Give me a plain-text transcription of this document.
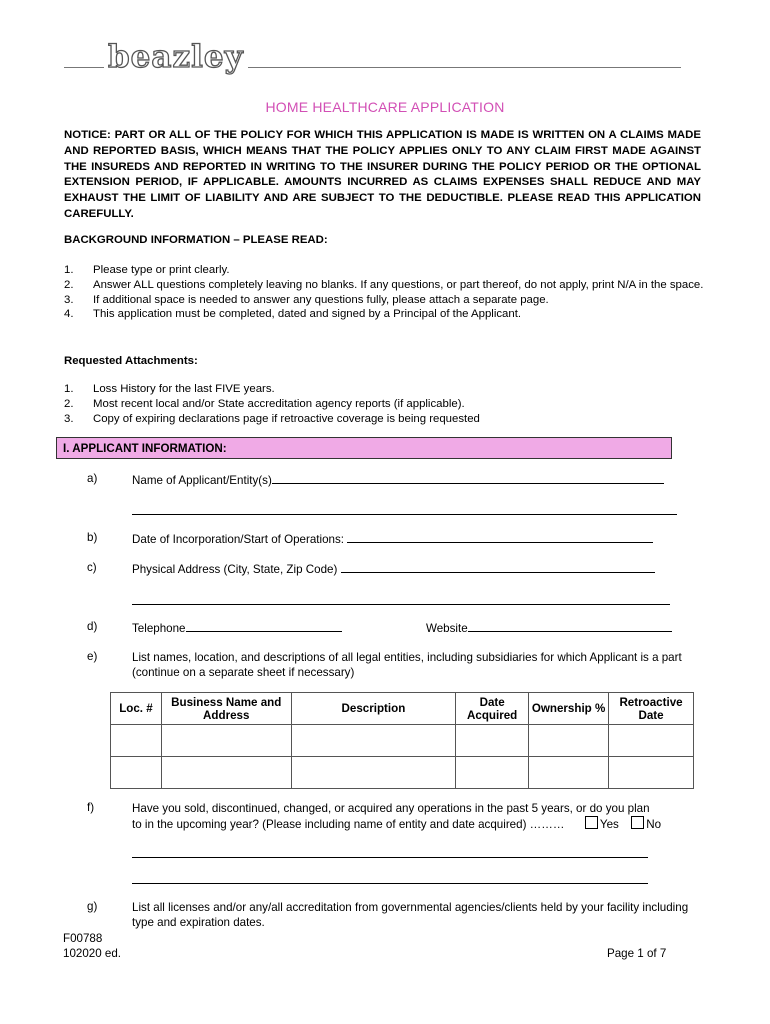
beazley
HOME HEALTHCARE APPLICATION
NOTICE: PART OR ALL OF THE POLICY FOR WHICH THIS APPLICATION IS MADE IS WRITTEN ON A CLAIMS MADE AND REPORTED BASIS, WHICH MEANS THAT THE POLICY APPLIES ONLY TO ANY CLAIM FIRST MADE AGAINST THE INSUREDS AND REPORTED IN WRITING TO THE INSURER DURING THE POLICY PERIOD OR THE OPTIONAL EXTENSION PERIOD, IF APPLICABLE. AMOUNTS INCURRED AS CLAIMS EXPENSES SHALL REDUCE AND MAY EXHAUST THE LIMIT OF LIABILITY AND ARE SUBJECT TO THE DEDUCTIBLE. PLEASE READ THIS APPLICATION CAREFULLY.
BACKGROUND INFORMATION – PLEASE READ:
1.	Please type or print clearly.
2.	Answer ALL questions completely leaving no blanks. If any questions, or part thereof, do not apply, print N/A in the space.
3.	If additional space is needed to answer any questions fully, please attach a separate page.
4.	This application must be completed, dated and signed by a Principal of the Applicant.
Requested Attachments:
1.	Loss History for the last FIVE years.
2.	Most recent local and/or State accreditation agency reports (if applicable).
3.	Copy of expiring declarations page if retroactive coverage is being requested
I. APPLICANT INFORMATION:
a)	Name of Applicant/Entity(s)
b)	Date of Incorporation/Start of Operations:
c)	Physical Address (City, State, Zip Code)
d)	Telephone	Website
e)	List names, location, and descriptions of all legal entities, including subsidiaries for which Applicant is a part (continue on a separate sheet if necessary)
Loc. #	Business Name and Address	Description	Date Acquired	Ownership %	Retroactive Date

f)	Have you sold, discontinued, changed, or acquired any operations in the past 5 years, or do you plan
to in the upcoming year? (Please including name of entity and date acquired) ………	Yes No
g)	List all licenses and/or any/all accreditation from governmental agencies/clients held by your facility including type and expiration dates.
F00788
102020 ed.	Page 1 of 7
